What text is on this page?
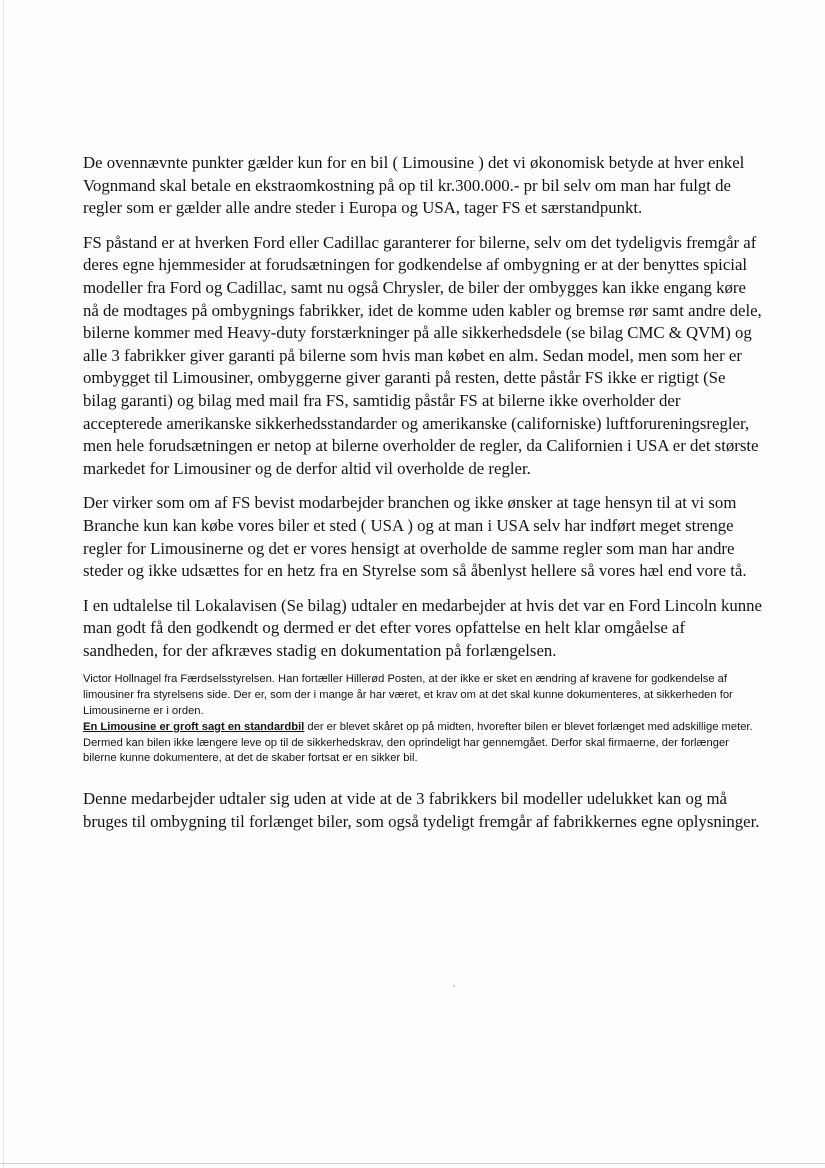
De ovennævnte punkter gælder kun for en bil ( Limousine ) det vi økonomisk betyde at hver enkel Vognmand skal betale en ekstraomkostning på op til kr.300.000.- pr bil selv om man har fulgt de regler som er gælder alle andre steder i Europa og USA, tager FS et særstandpunkt.

FS påstand er at hverken Ford eller Cadillac garanterer for bilerne, selv om det tydeligvis fremgår af deres egne hjemmesider at forudsætningen for godkendelse af ombygning er at der benyttes spicial modeller fra Ford og Cadillac, samt nu også Chrysler, de biler der ombygges kan ikke engang køre nå de modtages på ombygnings fabrikker, idet de komme uden kabler og bremse rør samt andre dele, bilerne kommer med Heavy-duty forstærkninger på alle sikkerhedsdele (se bilag CMC & QVM) og alle 3 fabrikker giver garanti på bilerne som hvis man købet en alm. Sedan model, men som her er ombygget til Limousiner, ombyggerne giver garanti på resten, dette påstår FS ikke er rigtigt (Se bilag garanti) og bilag med mail fra FS, samtidig påstår FS at bilerne ikke overholder der accepterede amerikanske sikkerhedsstandarder og amerikanske (californiske) luftforureningsregler, men hele forudsætningen er netop at bilerne overholder de regler, da Californien i USA er det største markedet for Limousiner og de derfor altid vil overholde de regler.

Der virker som om af FS bevist modarbejder branchen og ikke ønsker at tage hensyn til at vi som Branche kun kan købe vores biler et sted ( USA ) og at man i USA selv har indført meget strenge regler for Limousinerne og det er vores hensigt at overholde de samme regler som man har andre steder og ikke udsættes for en hetz fra en Styrelse som så åbenlyst hellere så vores hæl end vore tå.

I en udtalelse til Lokalavisen (Se bilag) udtaler en medarbejder at hvis det var en Ford Lincoln kunne man godt få den godkendt og dermed er det efter vores opfattelse en helt klar omgåelse af sandheden, for der afkræves stadig en dokumentation på forlængelsen.

Victor Hollnagel fra Færdselsstyrelsen. Han fortæller Hillerød Posten, at der ikke er sket en ændring af kravene for godkendelse af limousiner fra styrelsens side. Der er, som der i mange år har været, et krav om at det skal kunne dokumenteres, at sikkerheden for Limousinerne er i orden.

En Limousine er groft sagt en standardbil der er blevet skåret op på midten, hvorefter bilen er blevet forlænget med adskillige meter. Dermed kan bilen ikke længere leve op til de sikkerhedskrav, den oprindeligt har gennemgået. Derfor skal firmaerne, der forlænger bilerne kunne dokumentere, at det de skaber fortsat er en sikker bil.

Denne medarbejder udtaler sig uden at vide at de 3 fabrikkers bil modeller udelukket kan og må bruges til ombygning til forlænget biler, som også tydeligt fremgår af fabrikkernes egne oplysninger.
